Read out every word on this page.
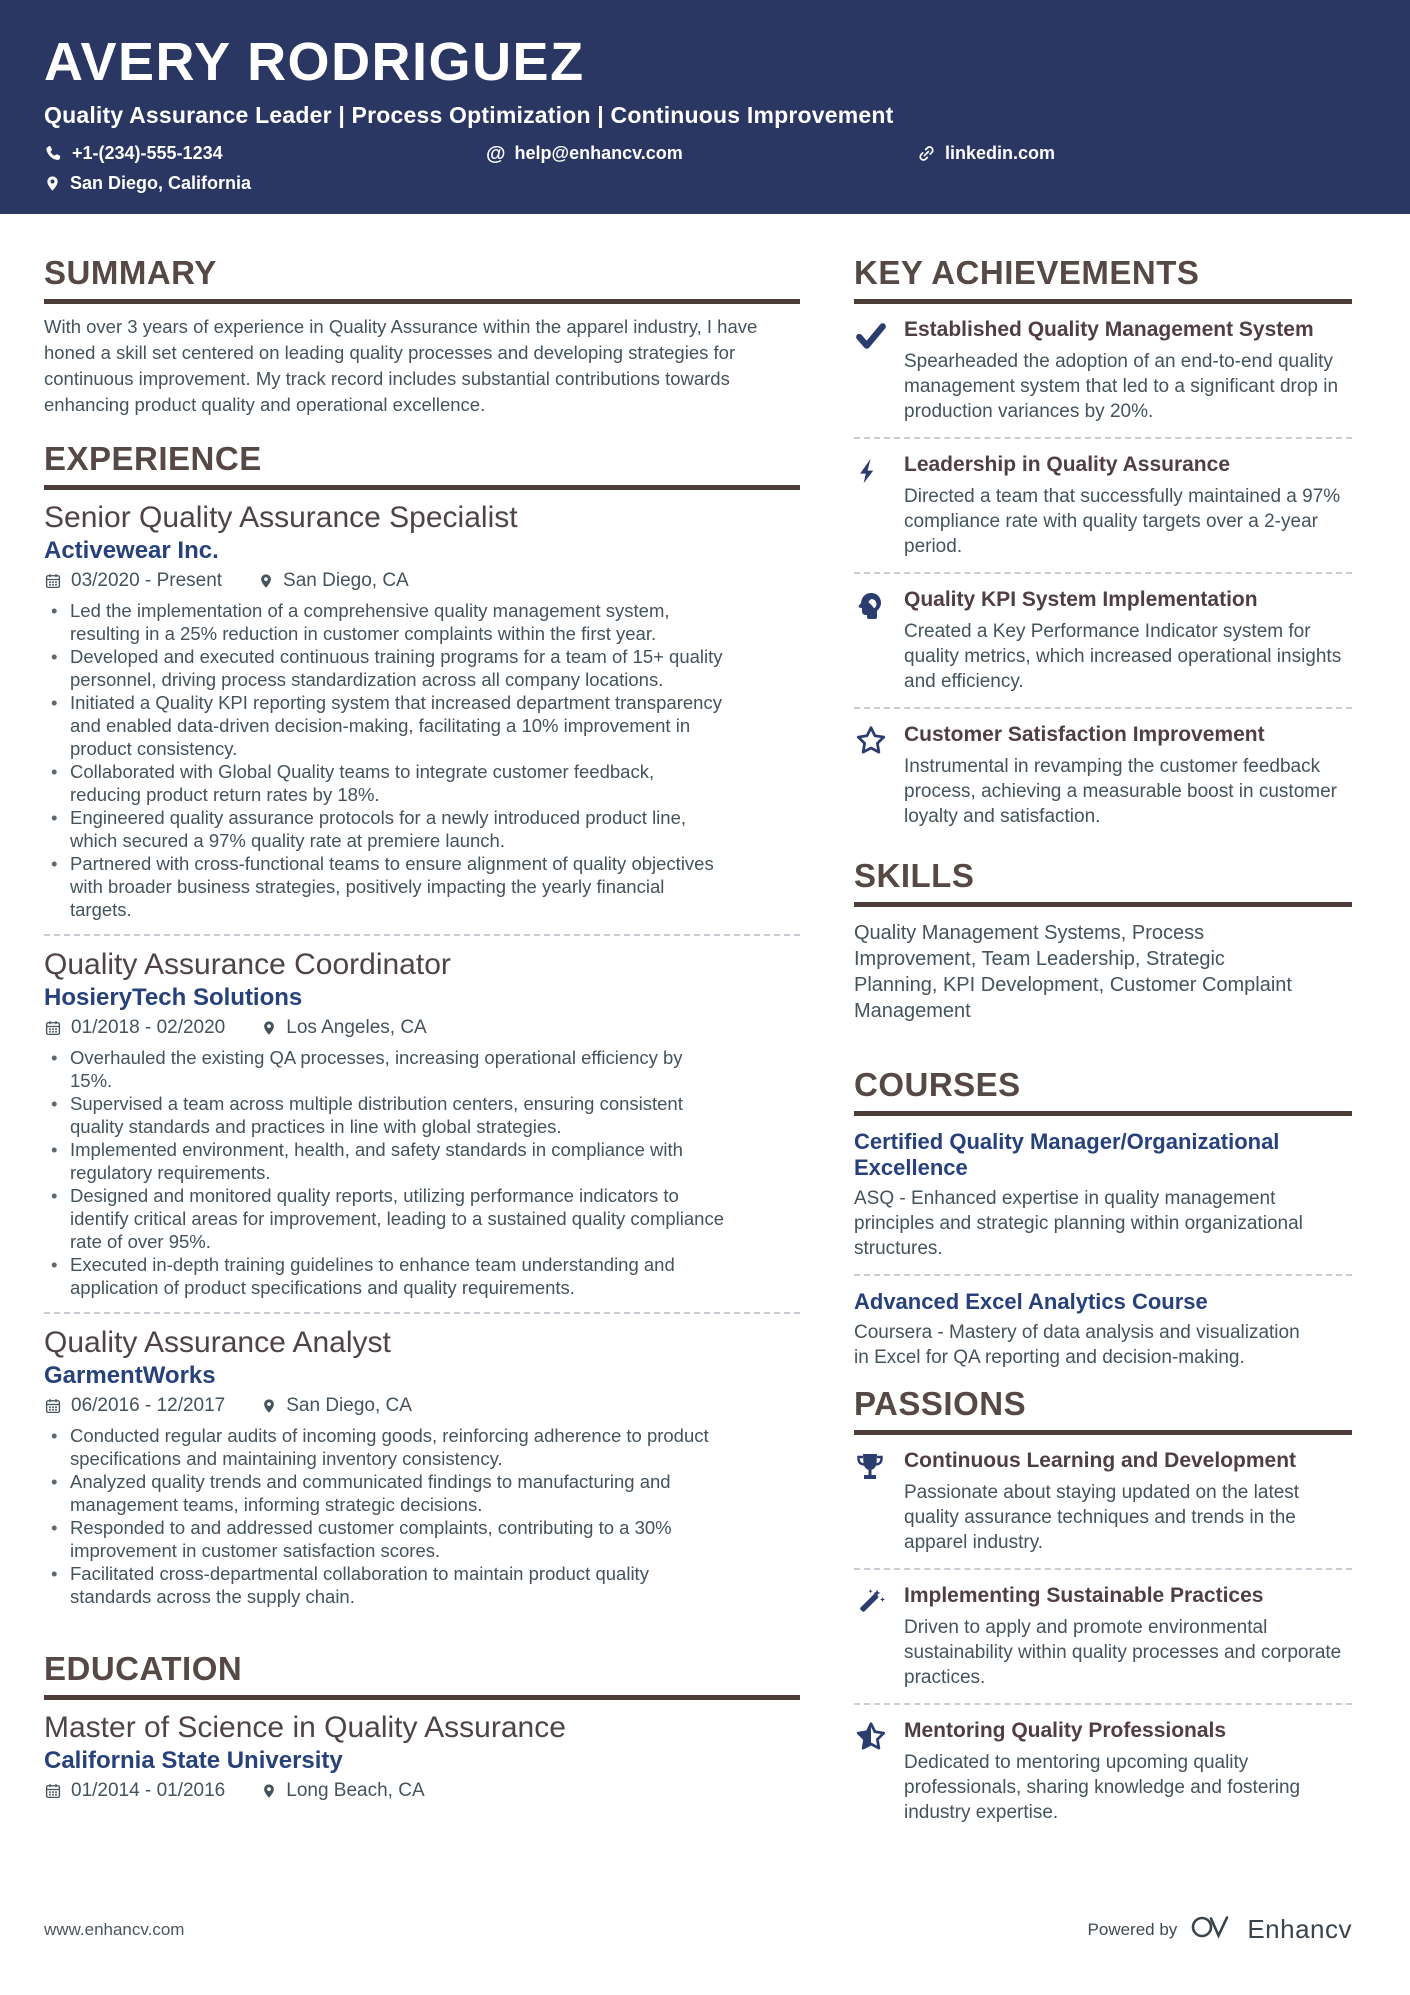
AVERY RODRIGUEZ
Quality Assurance Leader | Process Optimization | Continuous Improvement
+1-(234)-555-1234	@ help@enhancv.com	linkedin.com
San Diego, California
SUMMARY

With over 3 years of experience in Quality Assurance within the apparel industry, I have honed a skill set centered on leading quality processes and developing strategies for continuous improvement. My track record includes substantial contributions towards enhancing product quality and operational excellence.

EXPERIENCE
Senior Quality Assurance Specialist
Activewear Inc.
03/2020 - Present	San Diego, CA
• Led the implementation of a comprehensive quality management system, resulting in a 25% reduction in customer complaints within the first year.
• Developed and executed continuous training programs for a team of 15+ quality personnel, driving process standardization across all company locations.
• Initiated a Quality KPI reporting system that increased department transparency and enabled data-driven decision-making, facilitating a 10% improvement in product consistency.
• Collaborated with Global Quality teams to integrate customer feedback, reducing product return rates by 18%.
• Engineered quality assurance protocols for a newly introduced product line, which secured a 97% quality rate at premiere launch.
• Partnered with cross-functional teams to ensure alignment of quality objectives with broader business strategies, positively impacting the yearly financial targets.
Quality Assurance Coordinator
HosieryTech Solutions
01/2018 - 02/2020	Los Angeles, CA
• Overhauled the existing QA processes, increasing operational efficiency by 15%.
• Supervised a team across multiple distribution centers, ensuring consistent quality standards and practices in line with global strategies.
• Implemented environment, health, and safety standards in compliance with regulatory requirements.
• Designed and monitored quality reports, utilizing performance indicators to identify critical areas for improvement, leading to a sustained quality compliance rate of over 95%.
• Executed in-depth training guidelines to enhance team understanding and application of product specifications and quality requirements.
Quality Assurance Analyst
GarmentWorks
06/2016 - 12/2017	San Diego, CA
• Conducted regular audits of incoming goods, reinforcing adherence to product specifications and maintaining inventory consistency.
• Analyzed quality trends and communicated findings to manufacturing and management teams, informing strategic decisions.
• Responded to and addressed customer complaints, contributing to a 30% improvement in customer satisfaction scores.
• Facilitated cross-departmental collaboration to maintain product quality standards across the supply chain.
EDUCATION
Master of Science in Quality Assurance
California State University
01/2014 - 01/2016	Long Beach, CA
KEY ACHIEVEMENTS
Established Quality Management System

Spearheaded the adoption of an end-to-end quality management system that led to a significant drop in production variances by 20%.

Leadership in Quality Assurance

Directed a team that successfully maintained a 97% compliance rate with quality targets over a 2-year period.

Quality KPI System Implementation

Created a Key Performance Indicator system for quality metrics, which increased operational insights and efficiency.

Customer Satisfaction Improvement

Instrumental in revamping the customer feedback process, achieving a measurable boost in customer loyalty and satisfaction.

SKILLS

Quality Management Systems, Process Improvement, Team Leadership, Strategic Planning, KPI Development, Customer Complaint Management

COURSES
Certified Quality Manager/Organizational Excellence

ASQ - Enhanced expertise in quality management principles and strategic planning within organizational structures.

Advanced Excel Analytics Course

Coursera - Mastery of data analysis and visualization in Excel for QA reporting and decision-making.

PASSIONS
Continuous Learning and Development

Passionate about staying updated on the latest quality assurance techniques and trends in the apparel industry.

Implementing Sustainable Practices

Driven to apply and promote environmental sustainability within quality processes and corporate practices.

Mentoring Quality Professionals

Dedicated to mentoring upcoming quality professionals, sharing knowledge and fostering industry expertise.

www.enhancv.com	Powered by	Enhancv
